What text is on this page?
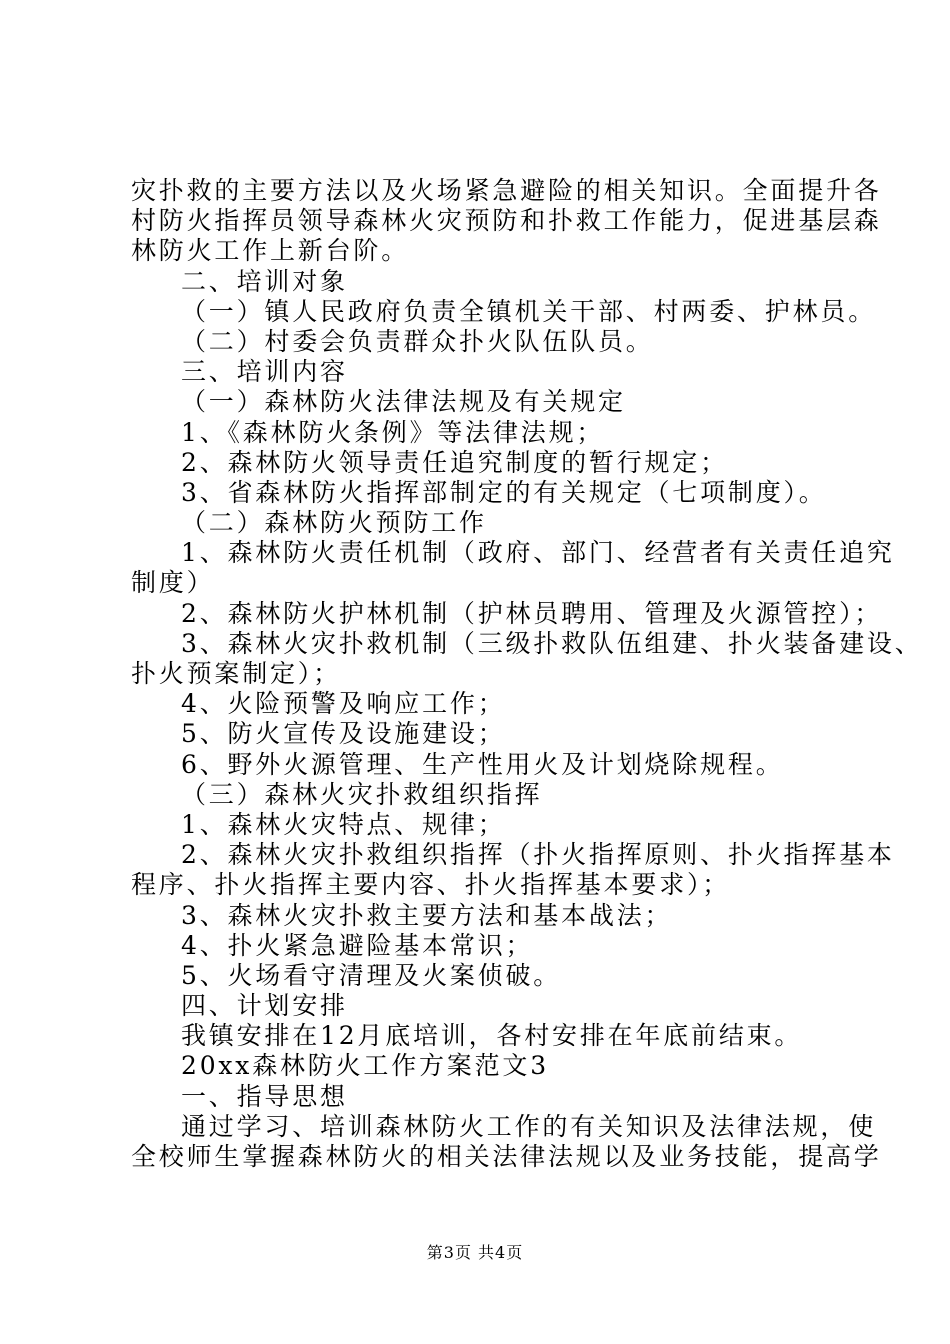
灾扑救的主要方法以及火场紧急避险的相关知识。全面提升各
村防火指挥员领导森林火灾预防和扑救工作能力，促进基层森
林防火工作上新台阶。
二、培训对象
（一）镇人民政府负责全镇机关干部、村两委、护林员。
（二）村委会负责群众扑火队伍队员。
三、培训内容
（一）森林防火法律法规及有关规定
1、《森林防火条例》等法律法规；
2、森林防火领导责任追究制度的暂行规定；
3、省森林防火指挥部制定的有关规定（七项制度）。
（二）森林防火预防工作
1、森林防火责任机制（政府、部门、经营者有关责任追究
制度）
2、森林防火护林机制（护林员聘用、管理及火源管控）；
3、森林火灾扑救机制（三级扑救队伍组建、扑火装备建设、
扑火预案制定）；
4、火险预警及响应工作；
5、防火宣传及设施建设；
6、野外火源管理、生产性用火及计划烧除规程。
（三）森林火灾扑救组织指挥
1、森林火灾特点、规律；
2、森林火灾扑救组织指挥（扑火指挥原则、扑火指挥基本
程序、扑火指挥主要内容、扑火指挥基本要求）；
3、森林火灾扑救主要方法和基本战法；
4、扑火紧急避险基本常识；
5、火场看守清理及火案侦破。
四、计划安排
我镇安排在12月底培训，各村安排在年底前结束。
20xx森林防火工作方案范文3
一、指导思想
通过学习、培训森林防火工作的有关知识及法律法规，使
全校师生掌握森林防火的相关法律法规以及业务技能，提高学
第3页 共4页
